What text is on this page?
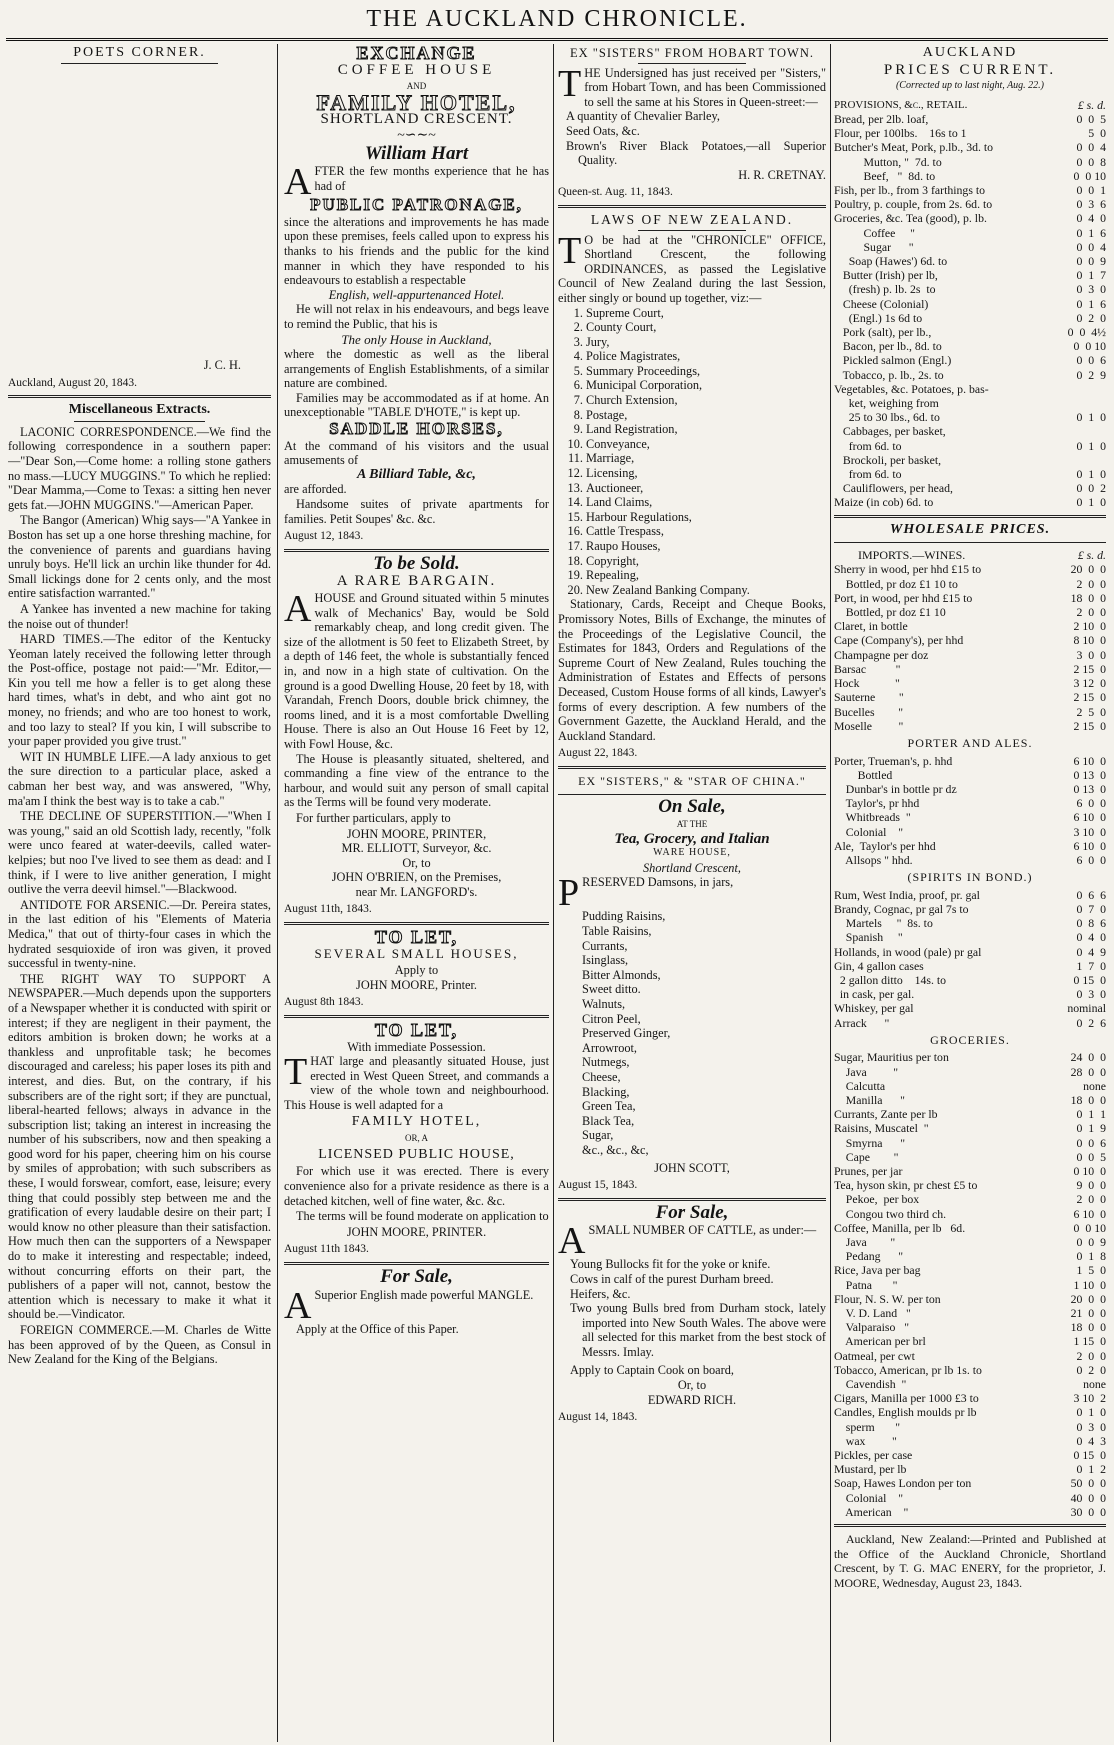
THE AUCKLAND CHRONICLE.
POETS CORNER.
J. C. H.
Auckland, August 20, 1843.
Miscellaneous Extracts.

LACONIC CORRESPONDENCE.—We find the following correspondence in a southern paper:—"Dear Son,—Come home: a rolling stone gathers no mass.—LUCY MUGGINS." To which he replied: "Dear Mamma,—Come to Texas: a sitting hen never gets fat.—JOHN MUGGINS."—American Paper.

The Bangor (American) Whig says—"A Yankee in Boston has set up a one horse threshing machine, for the convenience of parents and guardians having unruly boys. He'll lick an urchin like thunder for 4d. Small lickings done for 2 cents only, and the most entire satisfaction warranted."

A Yankee has invented a new machine for taking the noise out of thunder!

HARD TIMES.—The editor of the Kentucky Yeoman lately received the following letter through the Post-office, postage not paid:—"Mr. Editor,—Kin you tell me how a feller is to get along these hard times, what's in debt, and who aint got no money, no friends; and who are too honest to work, and too lazy to steal? If you kin, I will subscribe to your paper provided you give trust."

WIT IN HUMBLE LIFE.—A lady anxious to get the sure direction to a particular place, asked a cabman her best way, and was answered, "Why, ma'am I think the best way is to take a cab."

THE DECLINE OF SUPERSTITION.—"When I was young," said an old Scottish lady, recently, "folk were unco feared at water-deevils, called water-kelpies; but noo I've lived to see them as dead: and I think, if I were to live anither generation, I might outlive the verra deevil himsel."—Blackwood.

ANTIDOTE FOR ARSENIC.—Dr. Pereira states, in the last edition of his "Elements of Materia Medica," that out of thirty-four cases in which the hydrated sesquioxide of iron was given, it proved successful in twenty-nine.

THE RIGHT WAY TO SUPPORT A NEWSPAPER.—Much depends upon the supporters of a Newspaper whether it is conducted with spirit or interest; if they are negligent in their payment, the editors ambition is broken down; he works at a thankless and unprofitable task; he becomes discouraged and careless; his paper loses its pith and interest, and dies. But, on the contrary, if his subscribers are of the right sort; if they are punctual, liberal-hearted fellows; always in advance in the subscription list; taking an interest in increasing the number of his subscribers, now and then speaking a good word for his paper, cheering him on his course by smiles of approbation; with such subscribers as these, I would forswear, comfort, ease, leisure; every thing that could possibly step between me and the gratification of every laudable desire on their part; I would know no other pleasure than their satisfaction. How much then can the supporters of a Newspaper do to make it interesting and respectable; indeed, without concurring efforts on their part, the publishers of a paper will not, cannot, bestow the attention which is necessary to make it what it should be.—Vindicator.

FOREIGN COMMERCE.—M. Charles de Witte has been approved of by the Queen, as Consul in New Zealand for the King of the Belgians.

EXCHANGE
COFFEE HOUSE
AND
FAMILY HOTEL,
SHORTLAND CRESCENT.
~∽∼~
William Hart
AFTER the few months experience that he has had of
PUBLIC PATRONAGE,

since the alterations and improvements he has made upon these premises, feels called upon to express his thanks to his friends and the public for the kind manner in which they have responded to his endeavours to establish a respectable

English, well-appurtenanced Hotel.

He will not relax in his endeavours, and begs leave to remind the Public, that his is

The only House in Auckland,

where the domestic as well as the liberal arrangements of English Establishments, of a similar nature are combined.

Families may be accommodated as if at home. An unexceptionable "TABLE D'HOTE," is kept up.

SADDLE HORSES,

At the command of his visitors and the usual amusements of

A Billiard Table, &c,

are afforded.

Handsome suites of private apartments for families. Petit Soupes' &c. &c.

August 12, 1843.
To be Sold.
A RARE BARGAIN.
AHOUSE and Ground situated within 5 minutes walk of Mechanics' Bay, would be Sold remarkably cheap, and long credit given. The size of the allotment is 50 feet to Elizabeth Street, by a depth of 146 feet, the whole is substantially fenced in, and now in a high state of cultivation. On the ground is a good Dwelling House, 20 feet by 18, with Varandah, French Doors, double brick chimney, the rooms lined, and it is a most comfortable Dwelling House. There is also an Out House 16 Feet by 12, with Fowl House, &c.

The House is pleasantly situated, sheltered, and commanding a fine view of the entrance to the harbour, and would suit any person of small capital as the Terms will be found very moderate.

For further particulars, apply to

JOHN MOORE, PRINTER,
MR. ELLIOTT, Surveyor, &c.
Or, to
JOHN O'BRIEN, on the Premises,
near Mr. LANGFORD's.
August 11th, 1843.
TO LET,
SEVERAL SMALL HOUSES,
Apply to
JOHN MOORE, Printer.
August 8th 1843.
TO LET,
With immediate Possession.
THAT large and pleasantly situated House, just erected in West Queen Street, and commands a view of the whole town and neighbourhood. This House is well adapted for a
FAMILY HOTEL,
OR, A
LICENSED PUBLIC HOUSE,

For which use it was erected. There is every convenience also for a private residence as there is a detached kitchen, well of fine water, &c. &c.

The terms will be found moderate on application to

JOHN MOORE, PRINTER.
August 11th 1843.
For Sale,
A Superior English made powerful MANGLE.

Apply at the Office of this Paper.

EX "SISTERS" FROM HOBART TOWN.
THE Undersigned has just received per "Sisters," from Hobart Town, and has been Commissioned to sell the same at his Stores in Queen-street:—

A quantity of Chevalier Barley,

Seed Oats, &c.

Brown's River Black Potatoes,—all Superior Quality.

H. R. CRETNAY.
Queen-st. Aug. 11, 1843.
LAWS OF NEW ZEALAND.
T O be had at the "CHRONICLE" OFFICE, Shortland Crescent, the following ORDINANCES, as passed the Legislative Council of New Zealand during the last Session, either singly or bound up together, viz:—
1. Supreme Court,
2. County Court,
3. Jury,
4. Police Magistrates,
5. Summary Proceedings,
6. Municipal Corporation,
7. Church Extension,
8. Postage,
9. Land Registration,
10. Conveyance,
11. Marriage,
12. Licensing,
13. Auctioneer,
14. Land Claims,
15. Harbour Regulations,
16. Cattle Trespass,
17. Raupo Houses,
18. Copyright,
19. Repealing,
20. New Zealand Banking Company.

Stationary, Cards, Receipt and Cheque Books, Promissory Notes, Bills of Exchange, the minutes of the Proceedings of the Legislative Council, the Estimates for 1843, Orders and Regulations of the Supreme Court of New Zealand, Rules touching the Administration of Estates and Effects of persons Deceased, Custom House forms of all kinds, Lawyer's forms of every description. A few numbers of the Government Gazette, the Auckland Herald, and the Auckland Standard.

August 22, 1843.
EX "SISTERS," & "STAR OF CHINA."
On Sale,
AT THE
Tea, Grocery, and Italian
WARE HOUSE,
Shortland Crescent,
PRESERVED Damsons, in jars,
Pudding Raisins,
Table Raisins,
Currants,
Isinglass,
Bitter Almonds,
Sweet ditto.
Walnuts,
Citron Peel,
Preserved Ginger,
Arrowroot,
Nutmegs,
Cheese,
Blacking,
Green Tea,
Black Tea,
Sugar,
&c., &c., &c,
JOHN SCOTT,
August 15, 1843.
For Sale,
ASMALL NUMBER OF CATTLE, as under:—

Young Bullocks fit for the yoke or knife.

Cows in calf of the purest Durham breed.

Heifers, &c.

Two young Bulls bred from Durham stock, lately imported into New South Wales. The above were all selected for this market from the best stock of Messrs. Imlay.

Apply to Captain Cook on board,

Or, to
EDWARD RICH.
August 14, 1843.
AUCKLAND
PRICES CURRENT.
(Corrected up to last night, Aug. 22.)
PROVISIONS, &c., RETAIL.	£ s. d.
Bread, per 2lb. loaf,	0  0  5
Flour, per 100lbs.    16s to 1	5  0
Butcher's Meat, Pork, p.lb., 3d. to	0  0  4
Mutton, "  7d. to	0  0  8
Beef,   "  8d. to	0  0 10
Fish, per lb., from 3 farthings to	0  0  1
Poultry, p. couple, from 2s. 6d. to	0  3  6
Groceries, &c. Tea (good), p. lb.	0  4  0
Coffee     "	0  1  6
Sugar      "	0  0  4
Soap (Hawes') 6d. to	0  0  9
Butter (Irish) per lb,	0  1  7
(fresh) p. lb. 2s  to	0  3  0
Cheese (Colonial)	0  1  6
(Engl.) 1s 6d to	0  2  0
Pork (salt), per lb.,	0  0  4½
Bacon, per lb., 8d. to	0  0 10
Pickled salmon (Engl.)	0  0  6
Tobacco, p. lb., 2s. to	0  2  9
Vegetables, &c. Potatoes, p. bas-
ket, weighing from
25 to 30 lbs., 6d. to	0  1  0
Cabbages, per basket,
from 6d. to	0  1  0
Brockoli, per basket,
from 6d. to	0  1  0
Cauliflowers, per head,	0  0  2
Maize (in cob) 6d. to	0  1  0
WHOLESALE PRICES.
IMPORTS.—WINES.	£ s. d.
Sherry in wood, per hhd £15 to	20  0  0
Bottled, pr doz £1 10 to	2  0  0
Port, in wood, per hhd £15 to	18  0  0
Bottled, pr doz £1 10	2  0  0
Claret, in bottle	2 10  0
Cape (Company's), per hhd	8 10  0
Champagne per doz	3  0  0
Barsac          "	2 15  0
Hock            "	3 12  0
Sauterne        "	2 15  0
Bucelles        "	2  5  0
Moselle         "	2 15  0
PORTER AND ALES.
Porter, Trueman's, p. hhd	6 10  0
Bottled	0 13  0
Dunbar's in bottle pr dz	0 13  0
Taylor's, pr hhd	6  0  0
Whitbreads  "	6 10  0
Colonial    "	3 10  0
Ale,  Taylor's per hhd	6 10  0
Allsops " hhd.	6  0  0
(SPIRITS IN BOND.)
Rum, West India, proof, pr. gal	0  6  6
Brandy, Cognac, pr gal 7s to	0  7  0
Martels     "  8s. to	0  8  6
Spanish     "	0  4  0
Hollands, in wood (pale) pr gal	0  4  9
Gin, 4 gallon cases	1  7  0
2 gallon ditto    14s. to	0 15  0
in cask, per gal.	0  3  0
Whiskey, per gal	nominal
Arrack      "	0  2  6
GROCERIES.
Sugar, Mauritius per ton	24  0  0
Java         "	28  0  0
Calcutta	none
Manilla      "	18  0  0
Currants, Zante per lb	0  1  1
Raisins, Muscatel  "	0  1  9
Smyrna      "	0  0  6
Cape        "	0  0  5
Prunes, per jar	0 10  0
Tea, hyson skin, pr chest £5 to	9  0  0
Pekoe,  per box	2  0  0
Congou two third ch.	6 10  0
Coffee, Manilla, per lb   6d.	0  0 10
Java        "	0  0  9
Pedang      "	0  1  8
Rice, Java per bag	1  5  0
Patna       "	1 10  0
Flour, N. S. W. per ton	20  0  0
V. D. Land   "	21  0  0
Valparaiso   "	18  0  0
American per brl	1 15  0
Oatmeal, per cwt	2  0  0
Tobacco, American, pr lb 1s. to	0  2  0
Cavendish  "	none
Cigars, Manilla per 1000 £3 to	3 10  2
Candles, English moulds pr lb	0  1  0
sperm       "	0  3  0
wax         "	0  4  3
Pickles, per case	0 15  0
Mustard, per lb	0  1  2
Soap, Hawes London per ton	50  0  0
Colonial    "	40  0  0
American    "	30  0  0

Auckland, New Zealand:—Printed and Published at the Office of the Auckland Chronicle, Shortland Crescent, by T. G. MAC ENERY, for the proprietor, J. MOORE, Wednesday, August 23, 1843.
